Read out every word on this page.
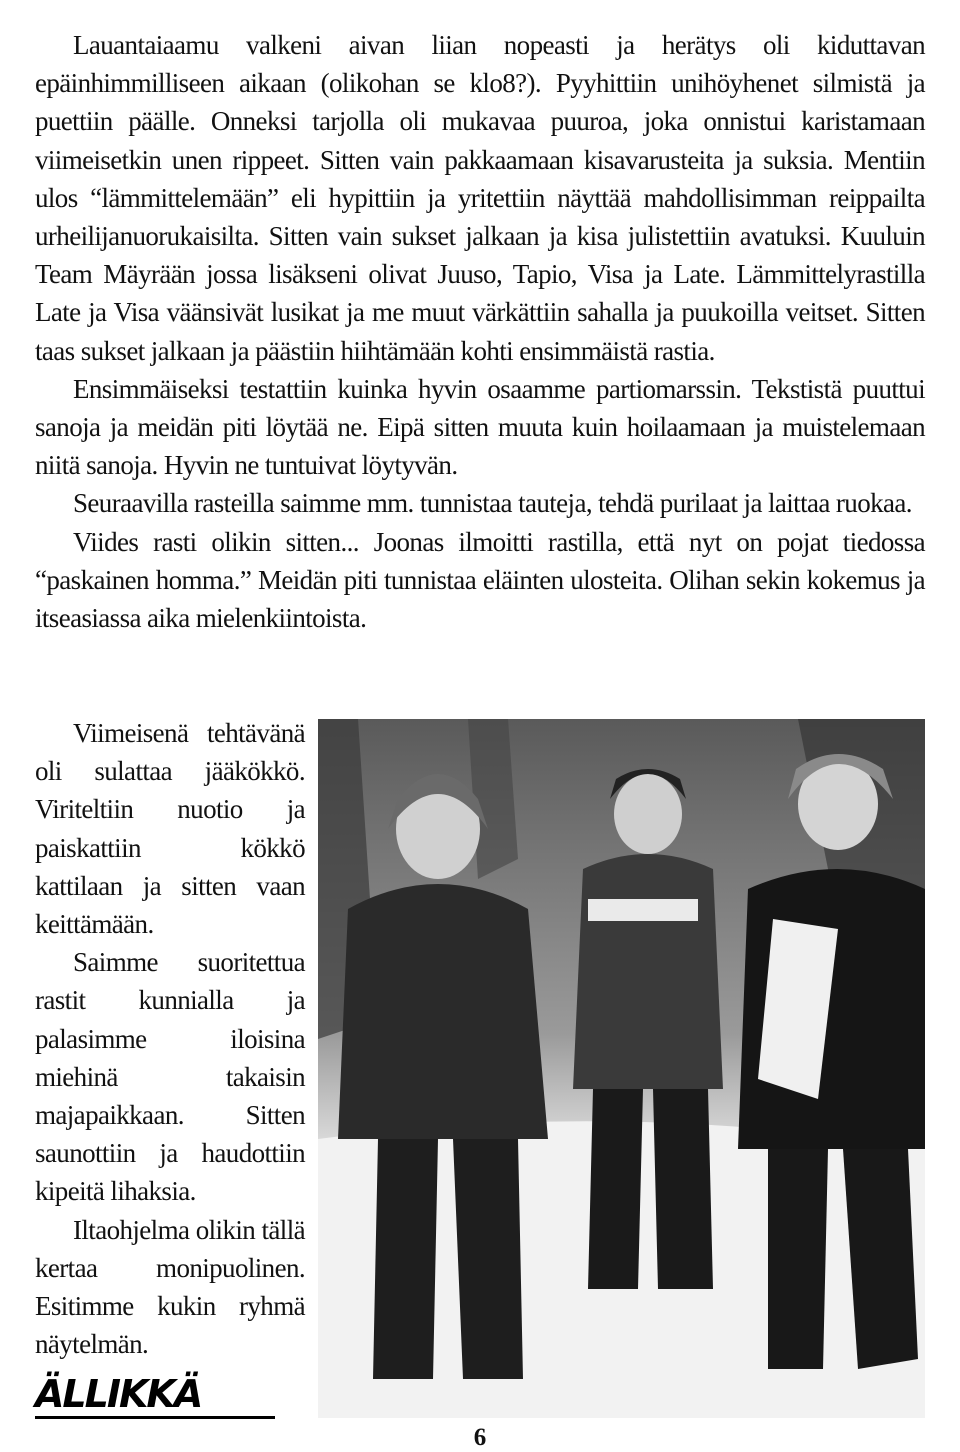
Lauantaiaamu valkeni aivan liian nopeasti ja herätys oli kiduttavan epäinhimmilliseen aikaan (olikohan se klo8?). Pyyhittiin unihöyhenet silmistä ja puettiin päälle. Onneksi tarjolla oli mukavaa puuroa, joka onnistui karistamaan viimeisetkin unen rippeet. Sitten vain pakkaamaan kisavarusteita ja suksia. Mentiin ulos “lämmittelemään” eli hypittiin ja yritettiin näyttää mahdollisimman reippailta urheilijanuorukaisilta. Sitten vain sukset jalkaan ja kisa julistettiin avatuksi. Kuuluin Team Mäyrään jossa lisäkseni olivat Juuso, Tapio, Visa ja Late. Lämmittelyrastilla Late ja Visa väänsivät lusikat ja me muut värkättiin sahalla ja puukoilla veitset. Sitten taas sukset jalkaan ja päästiin hiihtämään kohti ensimmäistä rastia.

Ensimmäiseksi testattiin kuinka hyvin osaamme partiomarssin. Tekstistä puuttui sanoja ja meidän piti löytää ne. Eipä sitten muuta kuin hoilaamaan ja muistelemaan niitä sanoja. Hyvin ne tuntuivat löytyvän.

Seuraavilla rasteilla saimme mm. tunnistaa tauteja, tehdä purilaat ja laittaa ruokaa.

Viides rasti olikin sitten... Joonas ilmoitti rastilla, että nyt on pojat tiedossa “paskainen homma.” Meidän piti tunnistaa eläinten ulosteita. Olihan sekin kokemus ja itseasiassa aika mielenkiintoista.

Viimeisenä tehtävänä oli sulattaa jääkökkö. Viriteltiin nuotio ja paiskattiin kökkö kattilaan ja sitten vaan keittämään.

Saimme suoritettua rastit kunnialla ja palasimme iloisina miehinä takaisin majapaikkaan. Sitten saunottiin ja haudottiin kipeitä lihaksia.

Iltaohjelma olikin tällä kertaa monipuolinen. Esitimme kukin ryhmä näytelmän.

ÄLLIKKÄ
6
